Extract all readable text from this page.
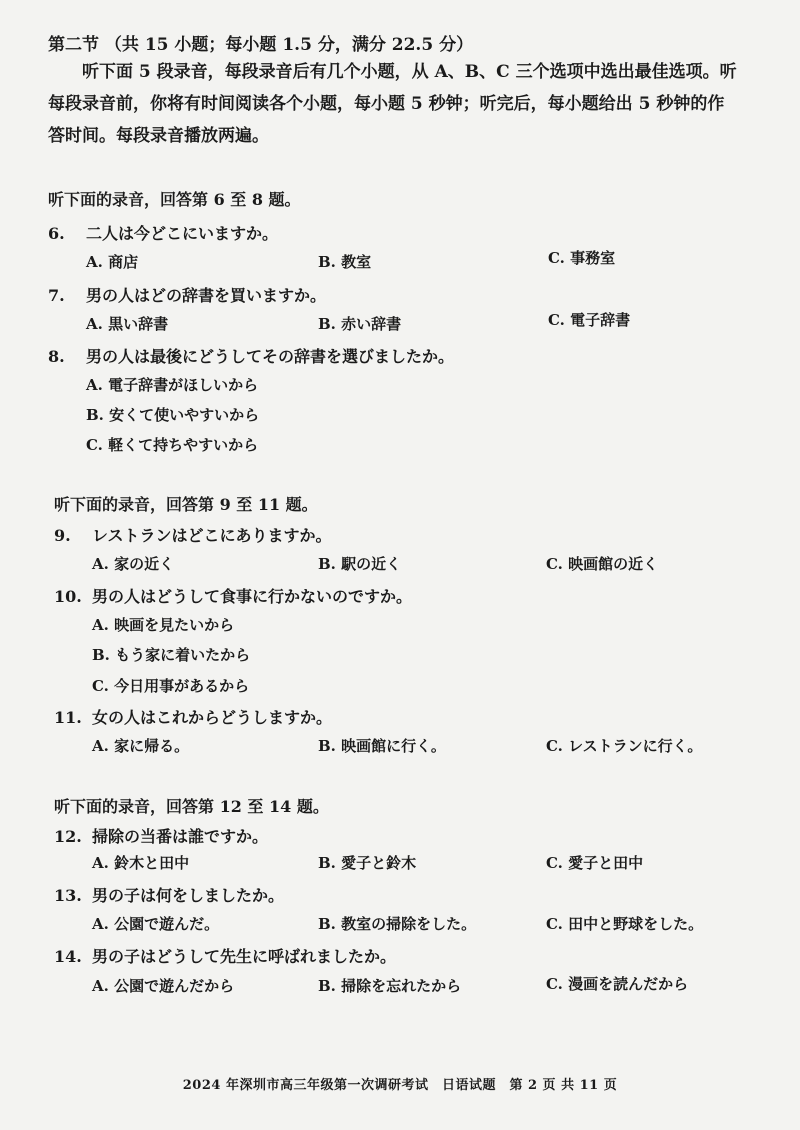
第二节 （共 15 小题；每小题 1.5 分，满分 22.5 分）

听下面 5 段录音，每段录音后有几个小题，从 A、B、C 三个选项中选出最佳选项。听

每段录音前，你将有时间阅读各个小题，每小题 5 秒钟；听完后，每小题给出 5 秒钟的作

答时间。每段录音播放两遍。

听下面的录音，回答第 6 至 8 题。
6. 二人は今どこにいますか。
A. 商店	B. 教室	C. 事務室
7. 男の人はどの辞書を買いますか。
A. 黒い辞書	B. 赤い辞書	C. 電子辞書
8. 男の人は最後にどうしてその辞書を選びましたか。
A. 電子辞書がほしいから
B. 安くて使いやすいから
C. 軽くて持ちやすいから
听下面的录音，回答第 9 至 11 题。
9. レストランはどこにありますか。
A. 家の近く	B. 駅の近く	C. 映画館の近く
10. 男の人はどうして食事に行かないのですか。
A. 映画を見たいから
B. もう家に着いたから
C. 今日用事があるから
11. 女の人はこれからどうしますか。
A. 家に帰る。	B. 映画館に行く。	C. レストランに行く。
听下面的录音，回答第 12 至 14 题。
12. 掃除の当番は誰ですか。
A. 鈴木と田中	B. 愛子と鈴木	C. 愛子と田中
13. 男の子は何をしましたか。
A. 公園で遊んだ。	B. 教室の掃除をした。	C. 田中と野球をした。
14. 男の子はどうして先生に呼ばれましたか。
A. 公園で遊んだから	B. 掃除を忘れたから	C. 漫画を読んだから
2024 年深圳市高三年级第一次调研考试　日语试题　第 2 页 共 11 页
